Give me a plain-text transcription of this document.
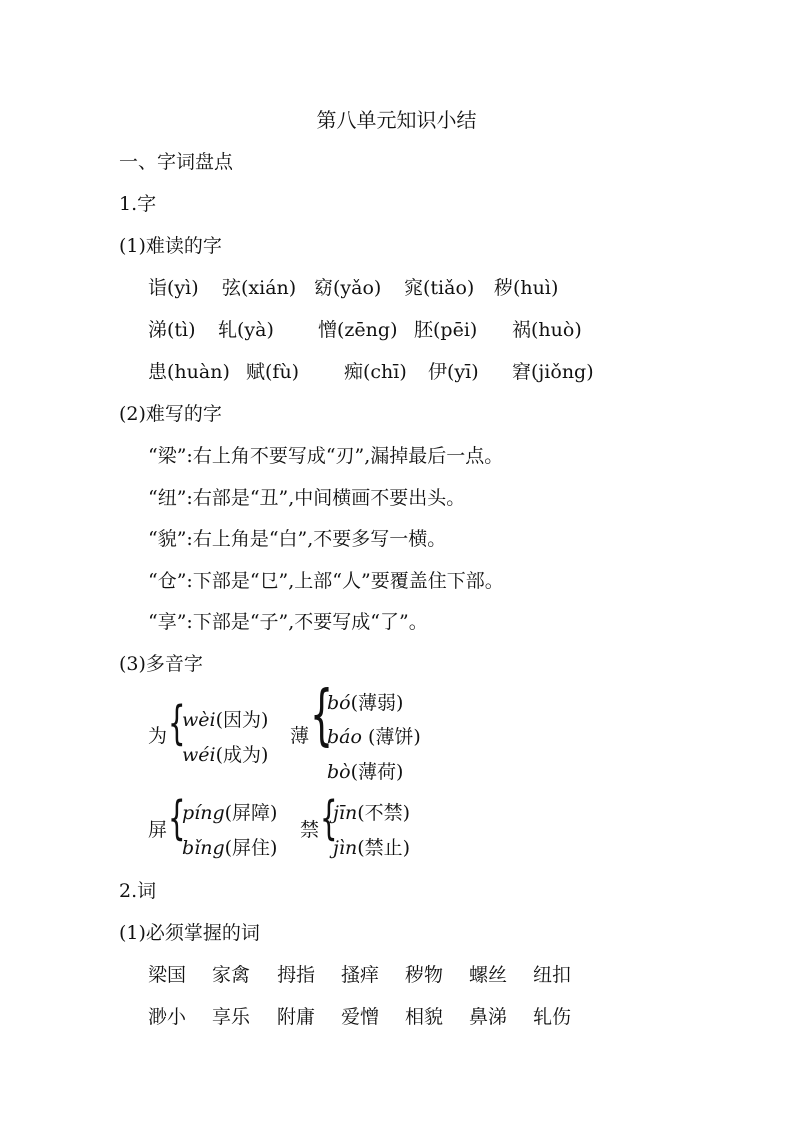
第八单元知识小结
一、字词盘点
1.字
(1)难读的字
诣(yì) 弦(xián) 窈(yǎo) 窕(tiǎo) 秽(huì)
涕(tì) 轧(yà) 憎(zēng) 胚(pēi) 祸(huò)
患(huàn) 赋(fù) 痴(chī) 伊(yī) 窘(jiǒng)
(2)难写的字
“梁”:右上角不要写成“刃”,漏掉最后一点。
“纽”:右部是“丑”,中间横画不要出头。
“貌”:右上角是“白”,不要多写一横。
“仓”:下部是“㔾”,上部“人”要覆盖住下部。
“享”:下部是“子”,不要写成“了”。
(3)多音字
为 {
wèi(因为)
wéi(成为)
薄 {
bó(薄弱)
báo (薄饼)
bò(薄荷)
屏 {
píng(屏障)
bǐng(屏住)
禁 {
jīn(不禁)
jìn(禁止)
2.词
(1)必须掌握的词
梁国 家禽 拇指 搔痒 秽物 螺丝 纽扣
渺小 享乐 附庸 爱憎 相貌 鼻涕 轧伤
